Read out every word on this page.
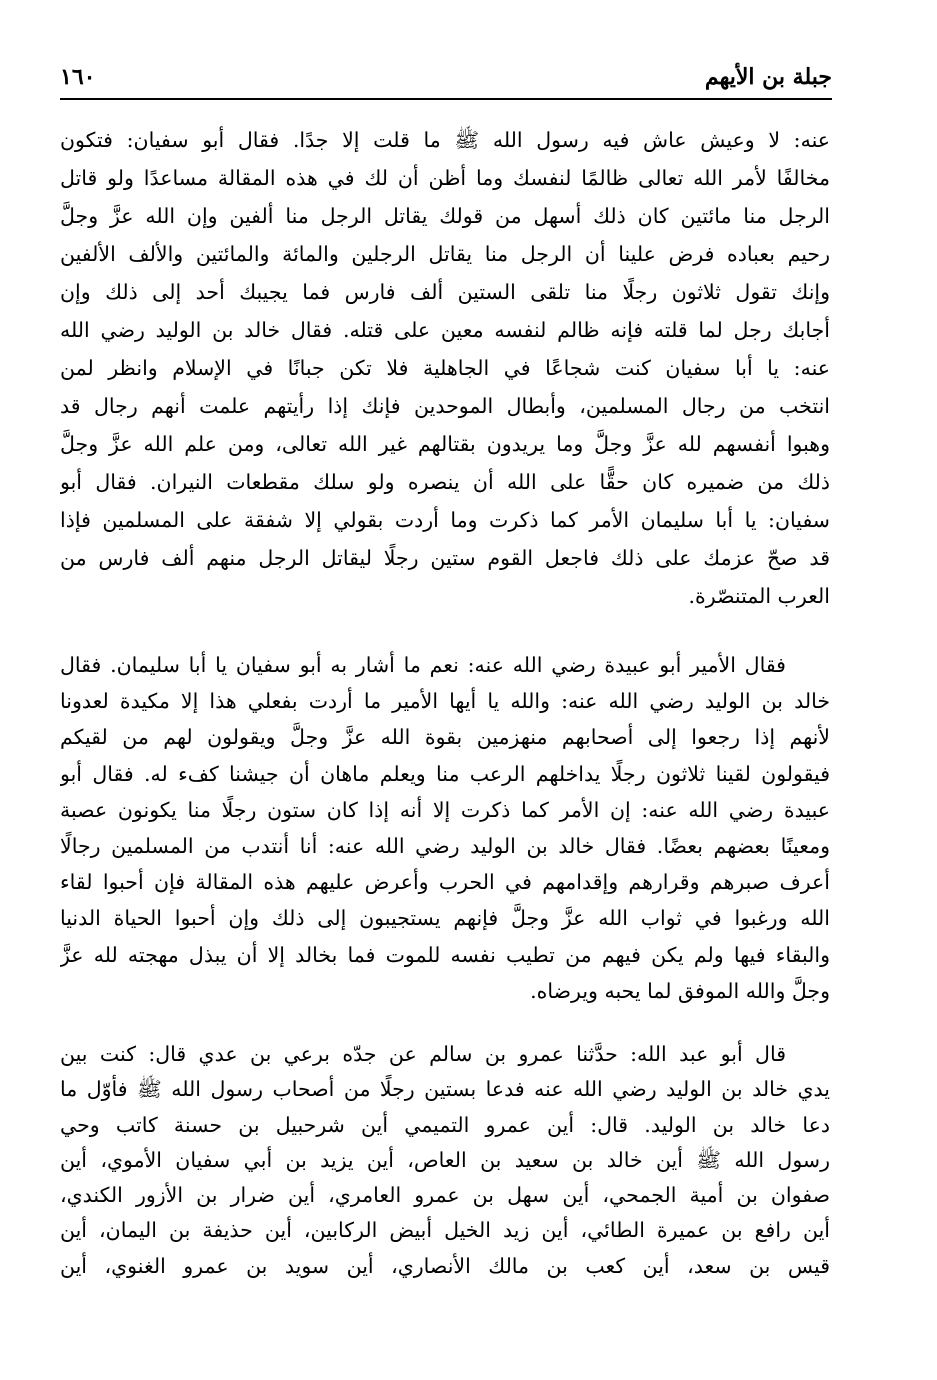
جبلة بن الأيهم
١٦٠
عنه: لا وعيش عاش فيه رسول الله ﷺ ما قلت إلا جدًا. فقال أبو سفيان: فتكون
مخالفًا لأمر الله تعالى ظالمًا لنفسك وما أظن أن لك في هذه المقالة مساعدًا ولو قاتل
الرجل منا مائتين كان ذلك أسهل من قولك يقاتل الرجل منا ألفين وإن الله عزَّ وجلَّ
رحيم بعباده فرض علينا أن الرجل منا يقاتل الرجلين والمائة والمائتين والألف الألفين
وإنك تقول ثلاثون رجلًا منا تلقى الستين ألف فارس فما يجيبك أحد إلى ذلك وإن
أجابك رجل لما قلته فإنه ظالم لنفسه معين على قتله. فقال خالد بن الوليد رضي الله
عنه: يا أبا سفيان كنت شجاعًا في الجاهلية فلا تكن جبانًا في الإسلام وانظر لمن
انتخب من رجال المسلمين، وأبطال الموحدين فإنك إذا رأيتهم علمت أنهم رجال قد
وهبوا أنفسهم لله عزَّ وجلَّ وما يريدون بقتالهم غير الله تعالى، ومن علم الله عزَّ وجلَّ
ذلك من ضميره كان حقًّا على الله أن ينصره ولو سلك مقطعات النيران. فقال أبو
سفيان: يا أبا سليمان الأمر كما ذكرت وما أردت بقولي إلا شفقة على المسلمين فإذا
قد صحّ عزمك على ذلك فاجعل القوم ستين رجلًا ليقاتل الرجل منهم ألف فارس من
العرب المتنصّرة.
فقال الأمير أبو عبيدة رضي الله عنه: نعم ما أشار به أبو سفيان يا أبا سليمان. فقال
خالد بن الوليد رضي الله عنه: والله يا أيها الأمير ما أردت بفعلي هذا إلا مكيدة لعدونا
لأنهم إذا رجعوا إلى أصحابهم منهزمين بقوة الله عزَّ وجلَّ ويقولون لهم من لقيكم
فيقولون لقينا ثلاثون رجلًا يداخلهم الرعب منا ويعلم ماهان أن جيشنا كفء له. فقال أبو
عبيدة رضي الله عنه: إن الأمر كما ذكرت إلا أنه إذا كان ستون رجلًا منا يكونون عصبة
ومعينًا بعضهم بعضًا. فقال خالد بن الوليد رضي الله عنه: أنا أنتدب من المسلمين رجالًا
أعرف صبرهم وقرارهم وإقدامهم في الحرب وأعرض عليهم هذه المقالة فإن أحبوا لقاء
الله ورغبوا في ثواب الله عزَّ وجلَّ فإنهم يستجيبون إلى ذلك وإن أحبوا الحياة الدنيا
والبقاء فيها ولم يكن فيهم من تطيب نفسه للموت فما بخالد إلا أن يبذل مهجته لله عزَّ
وجلَّ والله الموفق لما يحبه ويرضاه.
قال أبو عبد الله: حدَّثنا عمرو بن سالم عن جدّه برعي بن عدي قال: كنت بين
يدي خالد بن الوليد رضي الله عنه فدعا بستين رجلًا من أصحاب رسول الله ﷺ فأوّل ما
دعا خالد بن الوليد. قال: أين عمرو التميمي أين شرحبيل بن حسنة كاتب وحي
رسول الله ﷺ أين خالد بن سعيد بن العاص، أين يزيد بن أبي سفيان الأموي، أين
صفوان بن أمية الجمحي، أين سهل بن عمرو العامري، أين ضرار بن الأزور الكندي،
أين رافع بن عميرة الطائي، أين زيد الخيل أبيض الركابين، أين حذيفة بن اليمان، أين
قيس بن سعد، أين كعب بن مالك الأنصاري، أين سويد بن عمرو الغنوي، أين
